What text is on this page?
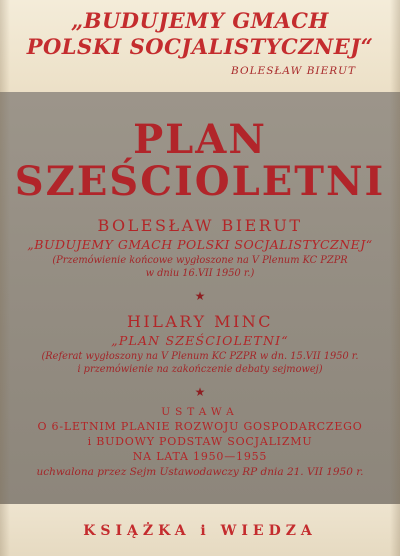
„BUDUJEMY GMACH
POLSKI SOCJALISTYCZNEJ“
BOLESŁAW BIERUT
PLAN
SZEŚCIOLETNI
BOLESŁAW BIERUT
„BUDUJEMY GMACH POLSKI SOCJALISTYCZNEJ“
(Przemówienie końcowe wygłoszone na V Plenum KC PZPR
w dniu 16.VII 1950 r.)
★
HILARY MINC
„PLAN SZEŚCIOLETNI“
(Referat wygłoszony na V Plenum KC PZPR w dn. 15.VII 1950 r.
i przemówienie na zakończenie debaty sejmowej)
★
USTAWA
O 6-LETNIM PLANIE ROZWOJU GOSPODARCZEGO
i BUDOWY PODSTAW SOCJALIZMU
NA LATA 1950—1955
uchwalona przez Sejm Ustawodawczy RP dnia 21. VII 1950 r.
KSIĄŻKA i WIEDZA
